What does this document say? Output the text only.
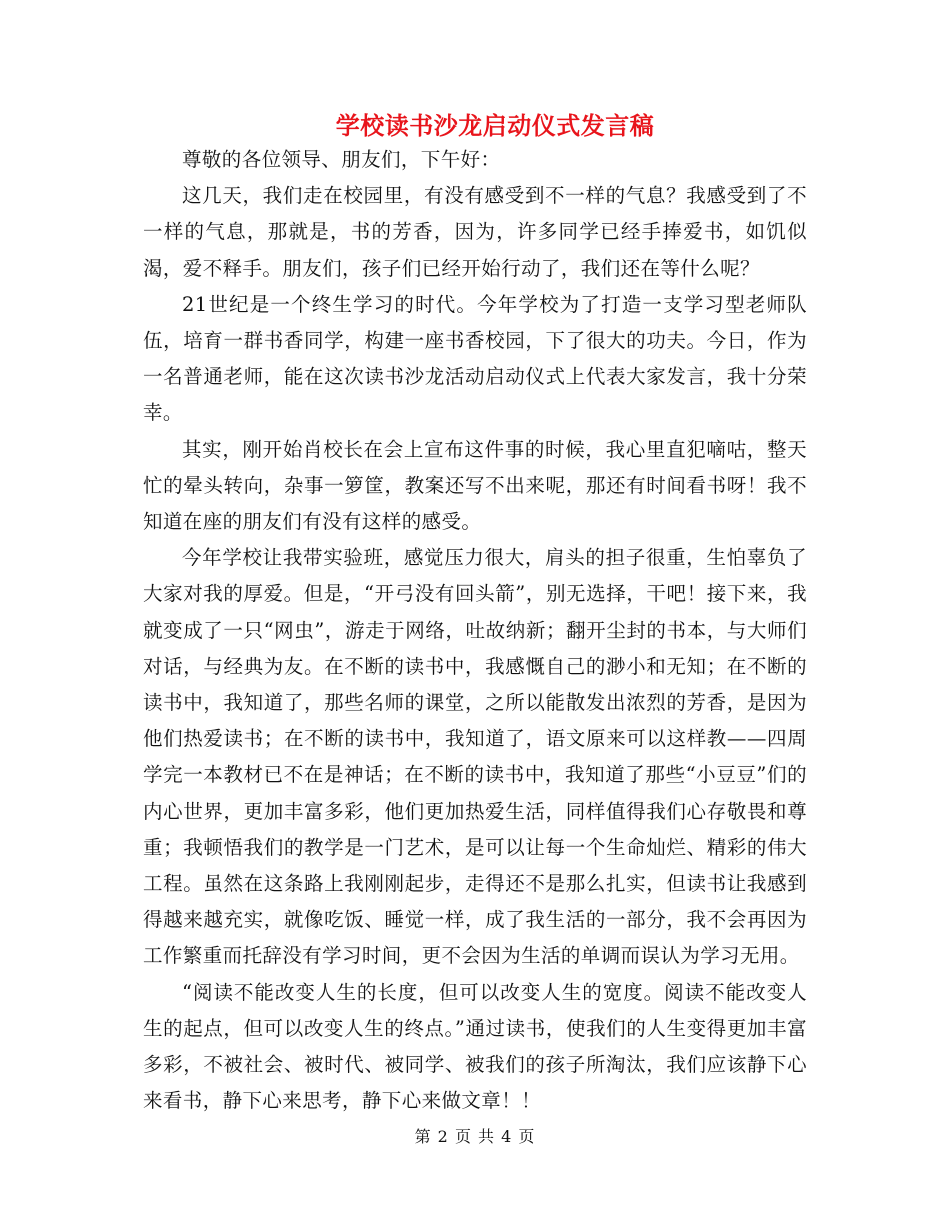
学校读书沙龙启动仪式发言稿

尊敬的各位领导、朋友们，下午好：

这几天，我们走在校园里，有没有感受到不一样的气息？我感受到了不一样的气息，那就是，书的芳香，因为，许多同学已经手捧爱书，如饥似渴，爱不释手。朋友们，孩子们已经开始行动了，我们还在等什么呢？

21世纪是一个终生学习的时代。今年学校为了打造一支学习型老师队伍，培育一群书香同学，构建一座书香校园，下了很大的功夫。今日，作为一名普通老师，能在这次读书沙龙活动启动仪式上代表大家发言，我十分荣幸。

其实，刚开始肖校长在会上宣布这件事的时候，我心里直犯嘀咕，整天忙的晕头转向，杂事一箩筐，教案还写不出来呢，那还有时间看书呀！我不知道在座的朋友们有没有这样的感受。

今年学校让我带实验班，感觉压力很大，肩头的担子很重，生怕辜负了大家对我的厚爱。但是，“开弓没有回头箭”，别无选择，干吧！接下来，我就变成了一只“网虫”，游走于网络，吐故纳新；翻开尘封的书本，与大师们对话，与经典为友。在不断的读书中，我感慨自己的渺小和无知；在不断的读书中，我知道了，那些名师的课堂，之所以能散发出浓烈的芳香，是因为他们热爱读书；在不断的读书中，我知道了，语文原来可以这样教——四周学完一本教材已不在是神话；在不断的读书中，我知道了那些“小豆豆”们的内心世界，更加丰富多彩，他们更加热爱生活，同样值得我们心存敬畏和尊重；我顿悟我们的教学是一门艺术，是可以让每一个生命灿烂、精彩的伟大工程。虽然在这条路上我刚刚起步，走得还不是那么扎实，但读书让我感到得越来越充实，就像吃饭、睡觉一样，成了我生活的一部分，我不会再因为工作繁重而托辞没有学习时间，更不会因为生活的单调而误认为学习无用。

“阅读不能改变人生的长度，但可以改变人生的宽度。阅读不能改变人生的起点，但可以改变人生的终点。”通过读书，使我们的人生变得更加丰富多彩，不被社会、被时代、被同学、被我们的孩子所淘汰，我们应该静下心来看书，静下心来思考，静下心来做文章！！

第 2 页 共 4 页
